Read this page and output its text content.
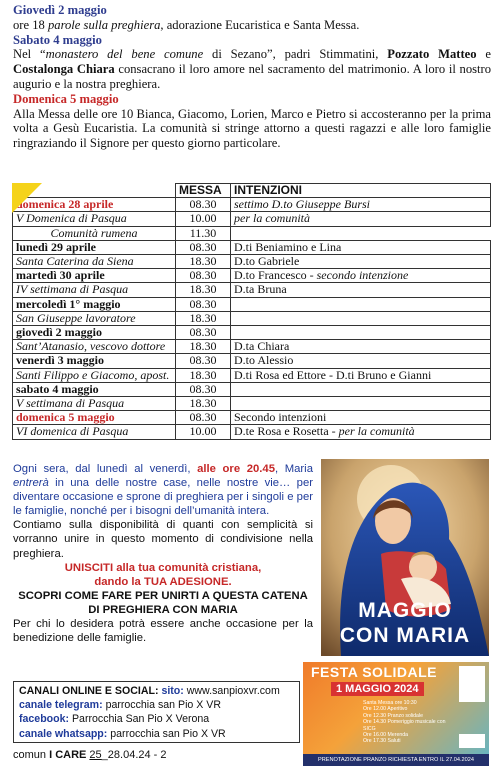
Giovedì 2 maggio
ore 18 parole sulla preghiera, adorazione Eucaristica e Santa Messa.
Sabato 4 maggio
Nel “monastero del bene comune di Sezano”, padri Stimmatini, Pozzato Matteo e Costalonga Chiara consacrano il loro amore nel sacramento del matrimonio. A loro il nostro augurio e la nostra preghiera.
Domenica 5 maggio
Alla Messa delle ore 10 Bianca, Giacomo, Lorien, Marco e Pietro si accosteranno per la prima volta a Gesù Eucaristia. La comunità si stringe attorno a questi ragazzi e alle loro famiglie ringraziando il Signore per questo giorno particolare.
	MESSA	INTENZIONI
domenica 28 aprile	08.30	settimo D.to Giuseppe Bursi
V Domenica di Pasqua	10.00	per la comunità
Comunità rumena	11.30	
lunedì 29 aprile	08.30	D.ti Beniamino e Lina
Santa Caterina da Siena	18.30	D.to Gabriele
martedì 30 aprile	08.30	D.to Francesco - secondo intenzione
IV settimana di Pasqua	18.30	D.ta Bruna
mercoledì 1° maggio	08.30	
San Giuseppe lavoratore	18.30	
giovedì 2 maggio	08.30	
Sant’Atanasio, vescovo dottore	18.30	D.ta Chiara
venerdì 3 maggio	08.30	D.to Alessio
Santi Filippo e Giacomo, apost.	18.30	D.ti Rosa ed Ettore - D.ti Bruno e Gianni
sabato 4 maggio	08.30	
V settimana di Pasqua	18.30	
domenica 5 maggio	08.30	Secondo intenzioni
VI domenica di Pasqua	10.00	D.te Rosa e Rosetta - per la comunità
Ogni sera, dal lunedì al venerdì, alle ore 20.45, Maria entrerà in una delle nostre case, nelle nostre vie… per diventare occasione e sprone di preghiera per i singoli e per le famiglie, nonché per i bisogni dell’umanità intera.
Contiamo sulla disponibilità di quanti con semplicità si vorranno unire in questo momento di condivisione nella preghiera.
UNISCITI alla tua comunità cristiana,
dando la TUA ADESIONE.
SCOPRI COME FARE PER UNIRTI A QUESTA CATENA DI PREGHIERA CON MARIA
Per chi lo desidera potrà essere anche occasione per la benedizione delle famiglie.
MAGGIO
CON MARIA
FESTA SOLIDALE
1 MAGGIO 2024
Santa Messa ore 10:30
Ore 12.00 Aperitivo
Ore 12.30 Pranzo solidale
Ore 14.30 Pomeriggio musicale con SICG
Ore 16.00 Merenda
Ore 17.30 Saluti
PRENOTAZIONE PRANZO RICHIESTA ENTRO IL 27.04.2024
CANALI ONLINE E SOCIAL: sito: www.sanpioxvr.com
canale telegram: parrocchia san Pio X VR
facebook: Parrocchia San Pio X Verona
canale whatsapp: parrocchia san Pio X VR
comun I CARE 25_28.04.24 - 2
